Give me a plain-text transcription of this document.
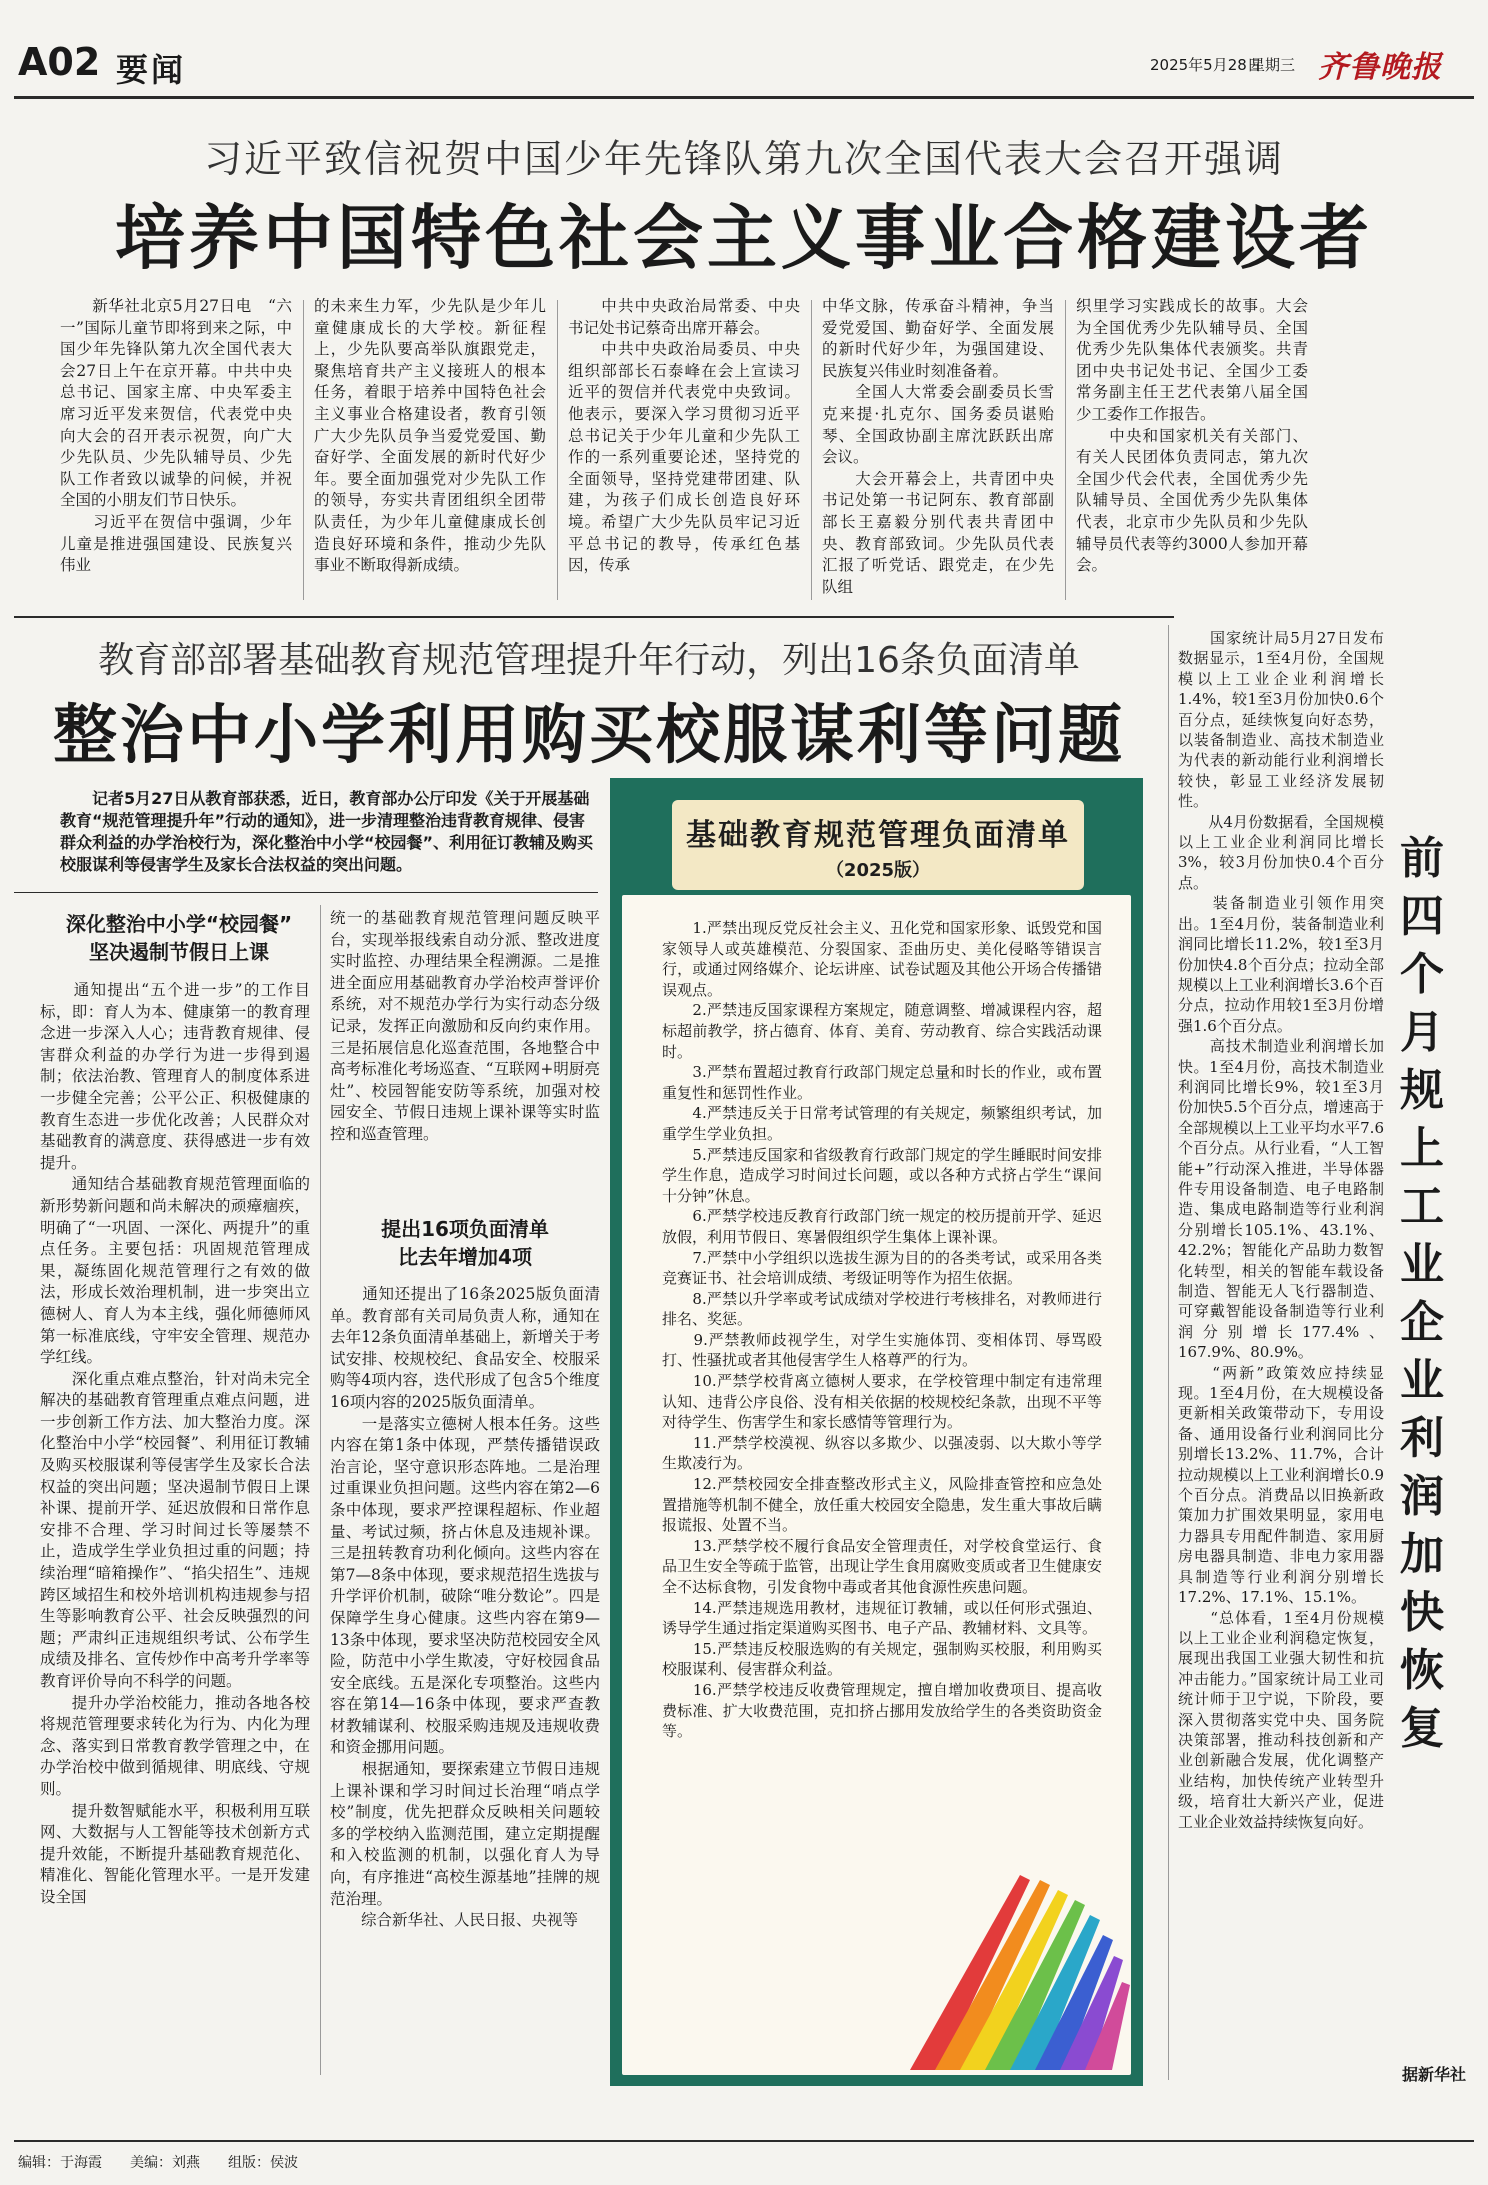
A02 要闻	2025年5月28日
星期三 齐鲁晚报
习近平致信祝贺中国少年先锋队第九次全国代表大会召开强调
培养中国特色社会主义事业合格建设者
　　新华社北京5月27日电　“六一”国际儿童节即将到来之际，中国少年先锋队第九次全国代表大会27日上午在京开幕。中共中央总书记、国家主席、中央军委主席习近平发来贺信，代表党中央向大会的召开表示祝贺，向广大少先队员、少先队辅导员、少先队工作者致以诚挚的问候，并祝全国的小朋友们节日快乐。
　　习近平在贺信中强调，少年儿童是推进强国建设、民族复兴伟业
的未来生力军，少先队是少年儿童健康成长的大学校。新征程上，少先队要高举队旗跟党走，聚焦培育共产主义接班人的根本任务，着眼于培养中国特色社会主义事业合格建设者，教育引领广大少先队员争当爱党爱国、勤奋好学、全面发展的新时代好少年。要全面加强党对少先队工作的领导，夯实共青团组织全团带队责任，为少年儿童健康成长创造良好环境和条件，推动少先队事业不断取得新成绩。
　　中共中央政治局常委、中央书记处书记蔡奇出席开幕会。
　　中共中央政治局委员、中央组织部部长石泰峰在会上宣读习近平的贺信并代表党中央致词。他表示，要深入学习贯彻习近平总书记关于少年儿童和少先队工作的一系列重要论述，坚持党的全面领导，坚持党建带团建、队建，为孩子们成长创造良好环境。希望广大少先队员牢记习近平总书记的教导，传承红色基因，传承
中华文脉，传承奋斗精神，争当爱党爱国、勤奋好学、全面发展的新时代好少年，为强国建设、民族复兴伟业时刻准备着。
　　全国人大常委会副委员长雪克来提·扎克尔、国务委员谌贻琴、全国政协副主席沈跃跃出席会议。
　　大会开幕会上，共青团中央书记处第一书记阿东、教育部副部长王嘉毅分别代表共青团中央、教育部致词。少先队员代表汇报了听党话、跟党走，在少先队组
织里学习实践成长的故事。大会为全国优秀少先队辅导员、全国优秀少先队集体代表颁奖。共青团中央书记处书记、全国少工委常务副主任王艺代表第八届全国少工委作工作报告。
　　中央和国家机关有关部门、有关人民团体负责同志，第九次全国少代会代表，全国优秀少先队辅导员、全国优秀少先队集体代表，北京市少先队员和少先队辅导员代表等约3000人参加开幕会。
教育部部署基础教育规范管理提升年行动，列出16条负面清单
整治中小学利用购买校服谋利等问题
　　记者5月27日从教育部获悉，近日，教育部办公厅印发《关于开展基础教育“规范管理提升年”行动的通知》，进一步清理整治违背教育规律、侵害群众利益的办学治校行为，深化整治中小学“校园餐”、利用征订教辅及购买校服谋利等侵害学生及家长合法权益的突出问题。
深化整治中小学“校园餐”
坚决遏制节假日上课
　　通知提出“五个进一步”的工作目标，即：育人为本、健康第一的教育理念进一步深入人心；违背教育规律、侵害群众利益的办学行为进一步得到遏制；依法治教、管理育人的制度体系进一步健全完善；公平公正、积极健康的教育生态进一步优化改善；人民群众对基础教育的满意度、获得感进一步有效提升。
　　通知结合基础教育规范管理面临的新形势新问题和尚未解决的顽瘴痼疾，明确了“一巩固、一深化、两提升”的重点任务。主要包括：巩固规范管理成果，凝练固化规范管理行之有效的做法，形成长效治理机制，进一步突出立德树人、育人为本主线，强化师德师风第一标准底线，守牢安全管理、规范办学红线。
　　深化重点难点整治，针对尚未完全解决的基础教育管理重点难点问题，进一步创新工作方法、加大整治力度。深化整治中小学“校园餐”、利用征订教辅及购买校服谋利等侵害学生及家长合法权益的突出问题；坚决遏制节假日上课补课、提前开学、延迟放假和日常作息安排不合理、学习时间过长等屡禁不止，造成学生学业负担过重的问题；持续治理“暗箱操作”、“掐尖招生”、违规跨区域招生和校外培训机构违规参与招生等影响教育公平、社会反映强烈的问题；严肃纠正违规组织考试、公布学生成绩及排名、宣传炒作中高考升学率等教育评价导向不科学的问题。
　　提升办学治校能力，推动各地各校将规范管理要求转化为行为、内化为理念、落实到日常教育教学管理之中，在办学治校中做到循规律、明底线、守规则。
　　提升数智赋能水平，积极利用互联网、大数据与人工智能等技术创新方式提升效能，不断提升基础教育规范化、精准化、智能化管理水平。一是开发建设全国
统一的基础教育规范管理问题反映平台，实现举报线索自动分派、整改进度实时监控、办理结果全程溯源。二是推进全面应用基础教育办学治校声誉评价系统，对不规范办学行为实行动态分级记录，发挥正向激励和反向约束作用。三是拓展信息化巡查范围，各地整合中高考标准化考场巡查、“互联网+明厨亮灶”、校园智能安防等系统，加强对校园安全、节假日违规上课补课等实时监控和巡查管理。
提出16项负面清单
比去年增加4项
　　通知还提出了16条2025版负面清单。教育部有关司局负责人称，通知在去年12条负面清单基础上，新增关于考试安排、校规校纪、食品安全、校服采购等4项内容，迭代形成了包含5个维度16项内容的2025版负面清单。
　　一是落实立德树人根本任务。这些内容在第1条中体现，严禁传播错误政治言论，坚守意识形态阵地。二是治理过重课业负担问题。这些内容在第2—6条中体现，要求严控课程超标、作业超量、考试过频，挤占休息及违规补课。三是扭转教育功利化倾向。这些内容在第7—8条中体现，要求规范招生选拔与升学评价机制，破除“唯分数论”。四是保障学生身心健康。这些内容在第9—13条中体现，要求坚决防范校园安全风险，防范中小学生欺凌，守好校园食品安全底线。五是深化专项整治。这些内容在第14—16条中体现，要求严查教材教辅谋利、校服采购违规及违规收费和资金挪用问题。
　　根据通知，要探索建立节假日违规上课补课和学习时间过长治理“哨点学校”制度，优先把群众反映相关问题较多的学校纳入监测范围，建立定期提醒和入校监测的机制，以强化育人为导向，有序推进“高校生源基地”挂牌的规范治理。
　　综合新华社、人民日报、央视等
基础教育规范管理负面清单
（2025版）
　　1.严禁出现反党反社会主义、丑化党和国家形象、诋毁党和国家领导人或英雄模范、分裂国家、歪曲历史、美化侵略等错误言行，或通过网络媒介、论坛讲座、试卷试题及其他公开场合传播错误观点。
　　2.严禁违反国家课程方案规定，随意调整、增减课程内容，超标超前教学，挤占德育、体育、美育、劳动教育、综合实践活动课时。
　　3.严禁布置超过教育行政部门规定总量和时长的作业，或布置重复性和惩罚性作业。
　　4.严禁违反关于日常考试管理的有关规定，频繁组织考试，加重学生学业负担。
　　5.严禁违反国家和省级教育行政部门规定的学生睡眠时间安排学生作息，造成学习时间过长问题，或以各种方式挤占学生“课间十分钟”休息。
　　6.严禁学校违反教育行政部门统一规定的校历提前开学、延迟放假，利用节假日、寒暑假组织学生集体上课补课。
　　7.严禁中小学组织以选拔生源为目的的各类考试，或采用各类竞赛证书、社会培训成绩、考级证明等作为招生依据。
　　8.严禁以升学率或考试成绩对学校进行考核排名，对教师进行排名、奖惩。
　　9.严禁教师歧视学生，对学生实施体罚、变相体罚、辱骂殴打、性骚扰或者其他侵害学生人格尊严的行为。
　　10.严禁学校背离立德树人要求，在学校管理中制定有违常理认知、违背公序良俗、没有相关依据的校规校纪条款，出现不平等对待学生、伤害学生和家长感情等管理行为。
　　11.严禁学校漠视、纵容以多欺少、以强凌弱、以大欺小等学生欺凌行为。
　　12.严禁校园安全排查整改形式主义，风险排查管控和应急处置措施等机制不健全，放任重大校园安全隐患，发生重大事故后瞒报谎报、处置不当。
　　13.严禁学校不履行食品安全管理责任，对学校食堂运行、食品卫生安全等疏于监管，出现让学生食用腐败变质或者卫生健康安全不达标食物，引发食物中毒或者其他食源性疾患问题。
　　14.严禁违规选用教材，违规征订教辅，或以任何形式强迫、诱导学生通过指定渠道购买图书、电子产品、教辅材料、文具等。
　　15.严禁违反校服选购的有关规定，强制购买校服，利用购买校服谋利、侵害群众利益。
　　16.严禁学校违反收费管理规定，擅自增加收费项目、提高收费标准、扩大收费范围，克扣挤占挪用发放给学生的各类资助资金等。
　　国家统计局5月27日发布数据显示，1至4月份，全国规模以上工业企业利润增长1.4%，较1至3月份加快0.6个百分点，延续恢复向好态势，以装备制造业、高技术制造业为代表的新动能行业利润增长较快，彰显工业经济发展韧性。
　　从4月份数据看，全国规模以上工业企业利润同比增长3%，较3月份加快0.4个百分点。
　　装备制造业引领作用突出。1至4月份，装备制造业利润同比增长11.2%，较1至3月份加快4.8个百分点；拉动全部规模以上工业利润增长3.6个百分点，拉动作用较1至3月份增强1.6个百分点。
　　高技术制造业利润增长加快。1至4月份，高技术制造业利润同比增长9%，较1至3月份加快5.5个百分点，增速高于全部规模以上工业平均水平7.6个百分点。从行业看，“人工智能+”行动深入推进，半导体器件专用设备制造、电子电路制造、集成电路制造等行业利润分别增长105.1%、43.1%、42.2%；智能化产品助力数智化转型，相关的智能车载设备制造、智能无人飞行器制造、可穿戴智能设备制造等行业利润分别增长177.4%、167.9%、80.9%。
　　“两新”政策效应持续显现。1至4月份，在大规模设备更新相关政策带动下，专用设备、通用设备行业利润同比分别增长13.2%、11.7%，合计拉动规模以上工业利润增长0.9个百分点。消费品以旧换新政策加力扩围效果明显，家用电力器具专用配件制造、家用厨房电器具制造、非电力家用器具制造等行业利润分别增长17.2%、17.1%、15.1%。
　　“总体看，1至4月份规模以上工业企业利润稳定恢复，展现出我国工业强大韧性和抗冲击能力。”国家统计局工业司统计师于卫宁说，下阶段，要深入贯彻落实党中央、国务院决策部署，推动科技创新和产业创新融合发展，优化调整产业结构，加快传统产业转型升级，培育壮大新兴产业，促进工业企业效益持续恢复向好。
前四个月规上工业企业利润加快恢复
据新华社
编辑：于海霞　　美编：刘燕　　组版：侯波
